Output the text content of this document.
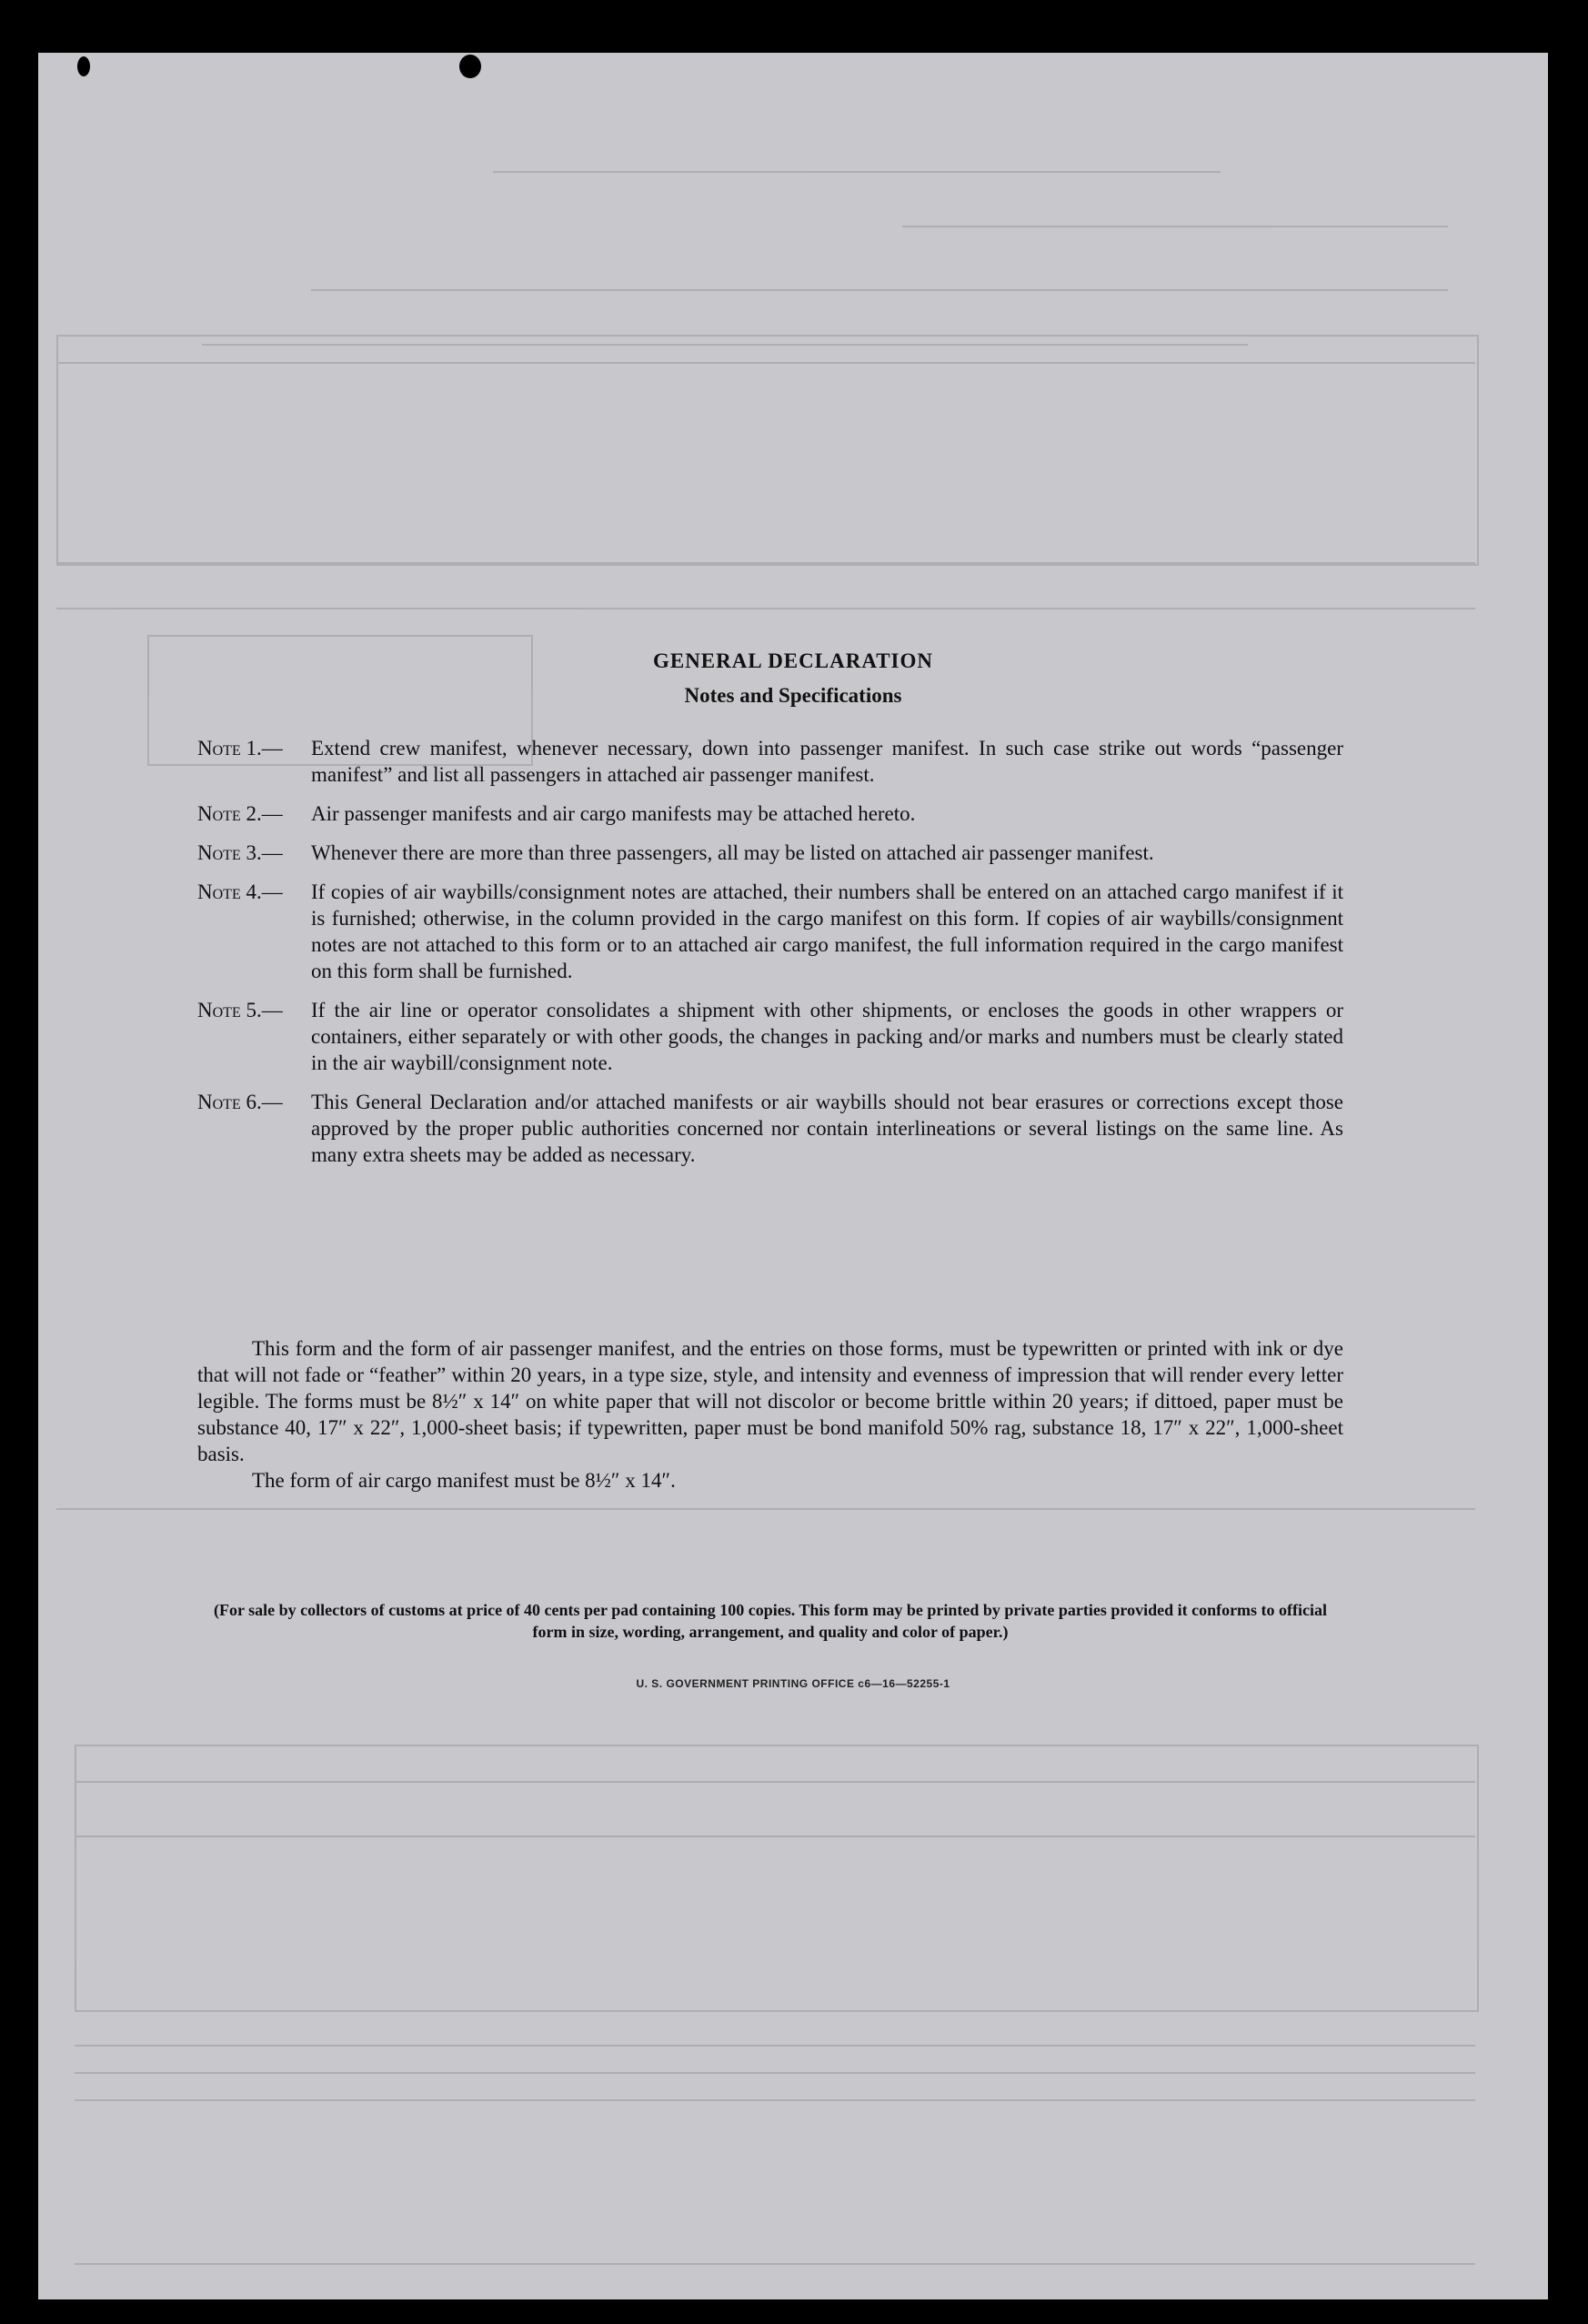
GENERAL DECLARATION
Notes and Specifications
Note 1.—	Extend crew manifest, whenever necessary, down into passenger manifest. In such case strike out words “passenger manifest” and list all passengers in attached air passenger manifest.
Note 2.—	Air passenger manifests and air cargo manifests may be attached hereto.
Note 3.—	Whenever there are more than three passengers, all may be listed on attached air passenger manifest.
Note 4.—	If copies of air waybills/consignment notes are attached, their numbers shall be entered on an attached cargo manifest if it is furnished; otherwise, in the column provided in the cargo manifest on this form. If copies of air waybills/consignment notes are not attached to this form or to an attached air cargo manifest, the full information required in the cargo manifest on this form shall be furnished.
Note 5.—	If the air line or operator consolidates a shipment with other shipments, or encloses the goods in other wrappers or containers, either separately or with other goods, the changes in packing and/or marks and numbers must be clearly stated in the air waybill/consignment note.
Note 6.—	This General Declaration and/or attached manifests or air waybills should not bear erasures or corrections except those approved by the proper public authorities concerned nor contain interlineations or several listings on the same line. As many extra sheets may be added as necessary.

This form and the form of air passenger manifest, and the entries on those forms, must be typewritten or printed with ink or dye that will not fade or “feather” within 20 years, in a type size, style, and intensity and evenness of impression that will render every letter legible. The forms must be 8½″ x 14″ on white paper that will not discolor or become brittle within 20 years; if dittoed, paper must be substance 40, 17″ x 22″, 1,000-sheet basis; if typewritten, paper must be bond manifold 50% rag, substance 18, 17″ x 22″, 1,000-sheet basis.

The form of air cargo manifest must be 8½″ x 14″.

(For sale by collectors of customs at price of 40 cents per pad containing 100 copies. This form may be printed by private parties provided it conforms to official form in size, wording, arrangement, and quality and color of paper.)
U. S. GOVERNMENT PRINTING OFFICE c6—16—52255-1
